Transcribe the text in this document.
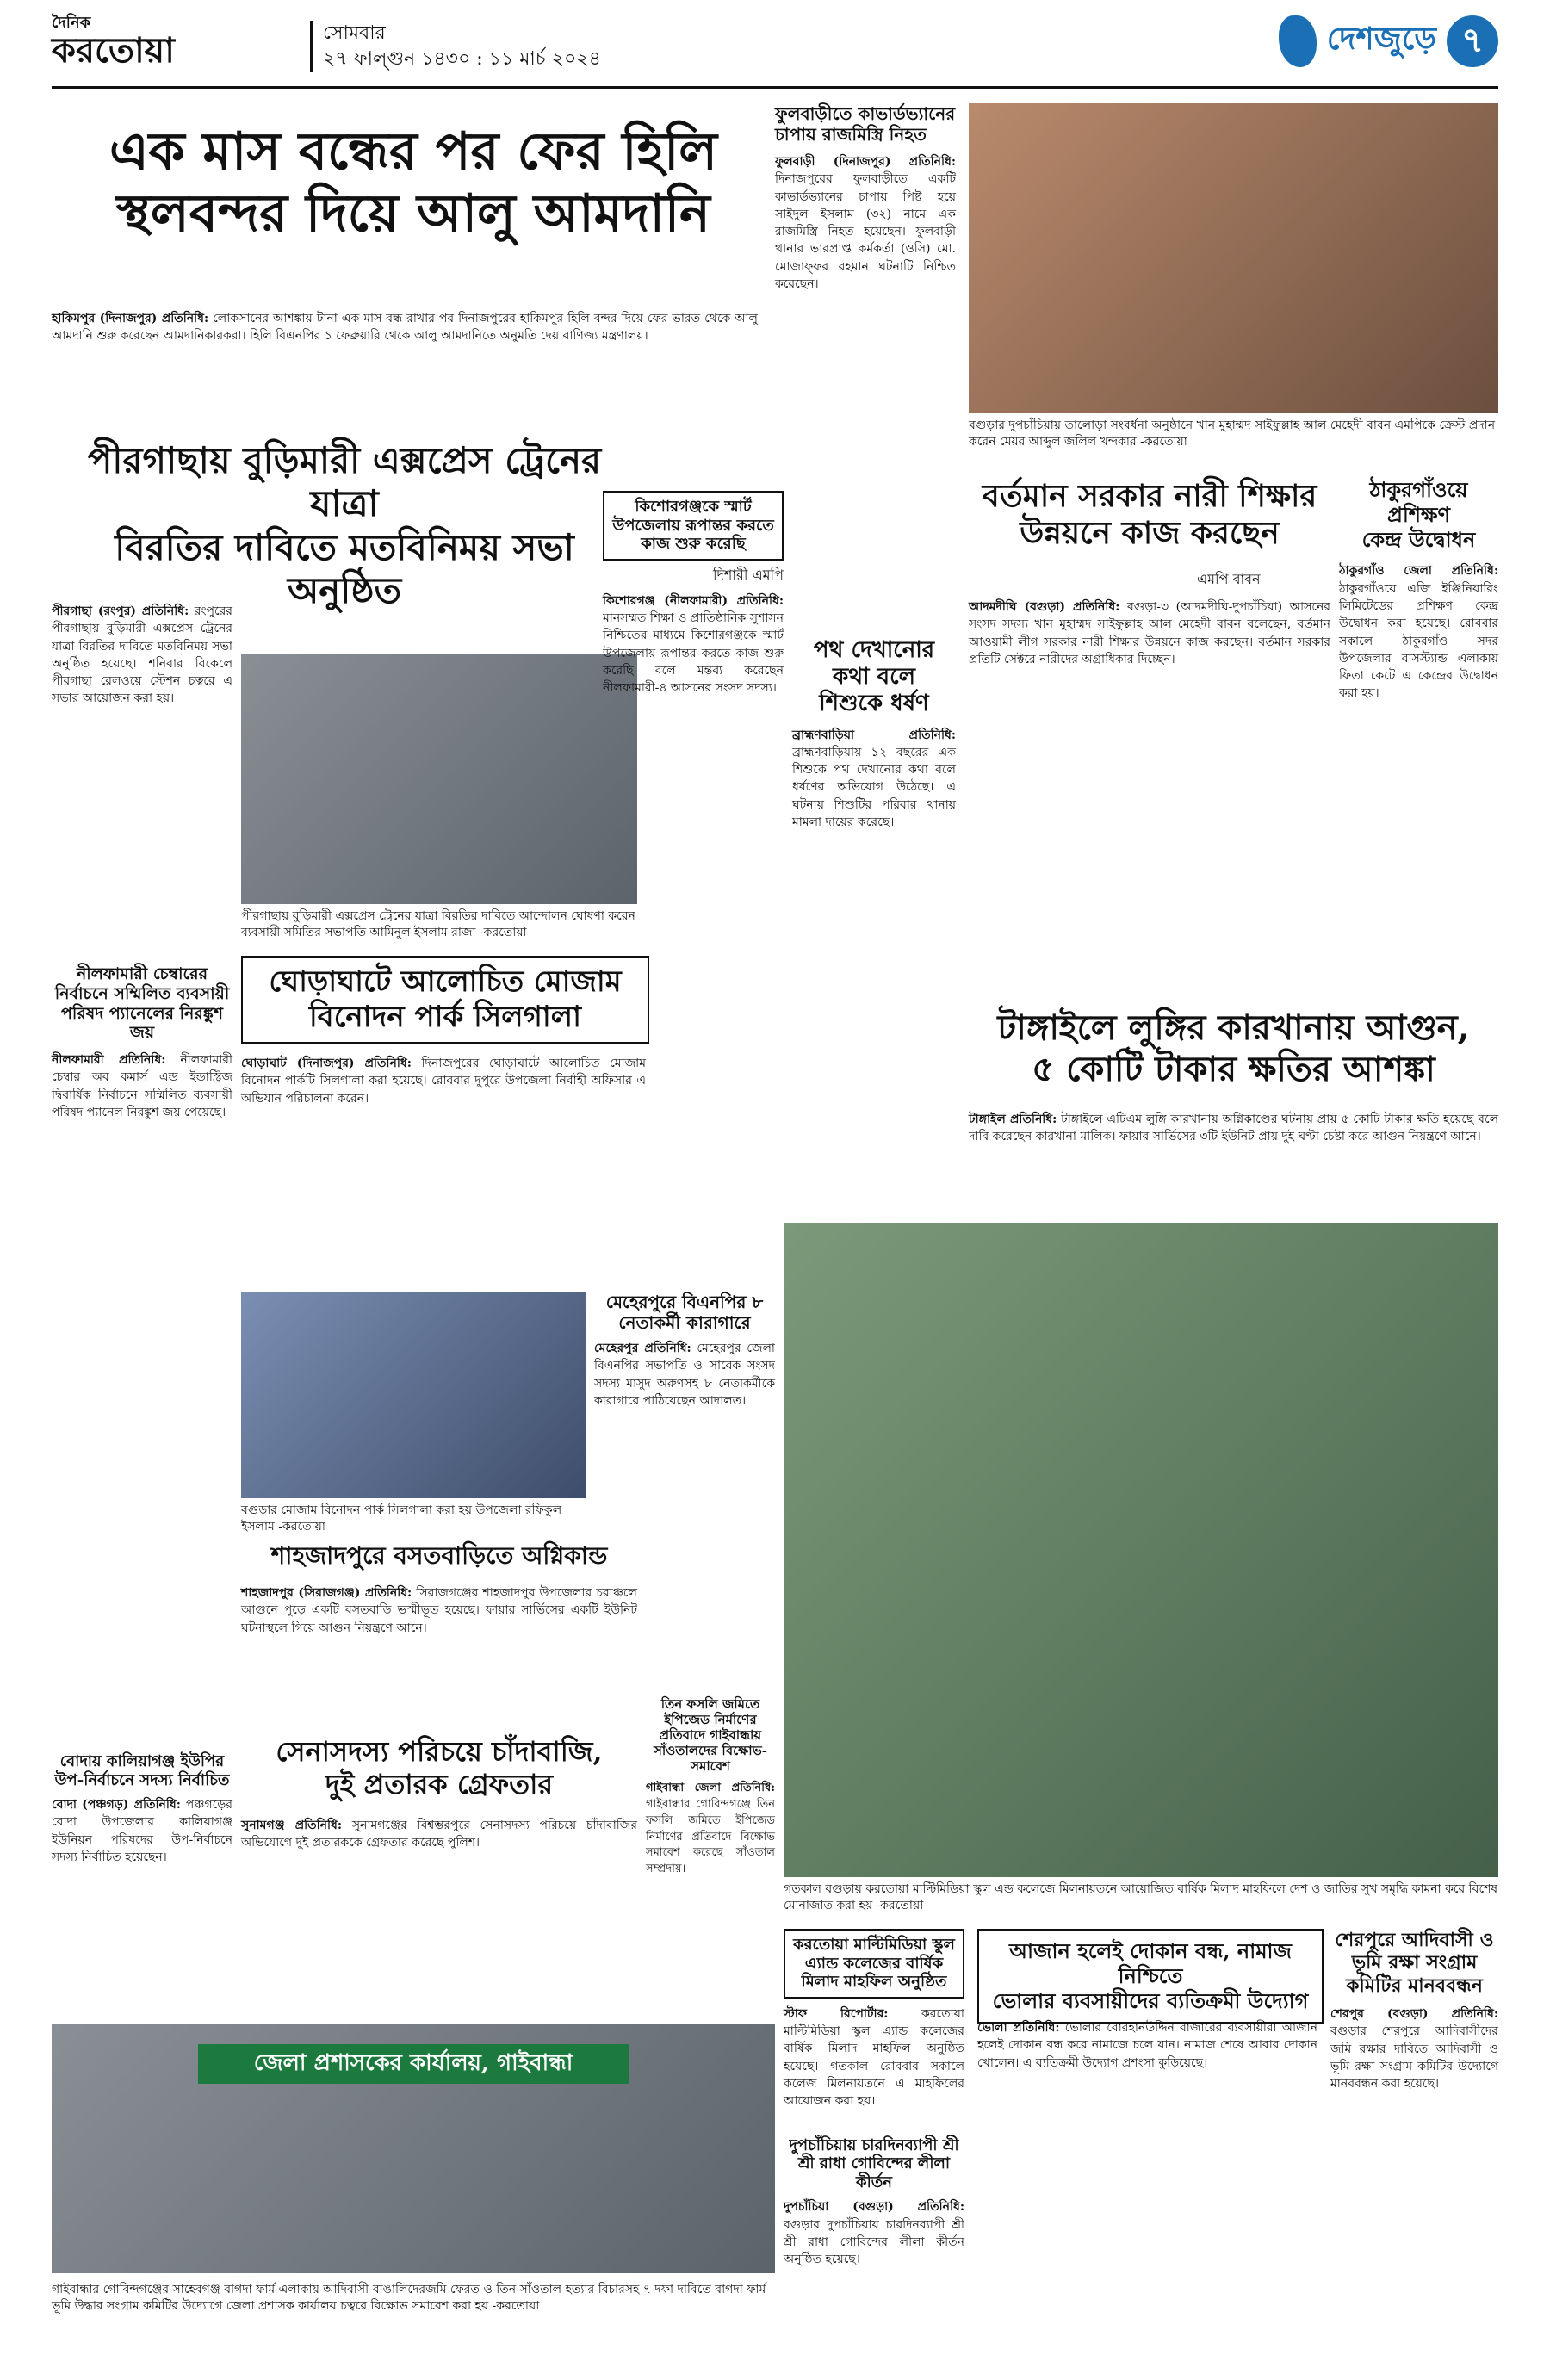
দৈনিক
করতোয়া	সোমবার
২৭ ফাল্গুন ১৪৩০ : ১১ মার্চ ২০২৪
দেশজুড়ে ৭
এক মাস বন্ধের পর ফের হিলি
স্থলবন্দর দিয়ে আলু আমদানি
হাকিমপুর (দিনাজপুর) প্রতিনিধি: লোকসানের আশঙ্কায় টানা এক মাস বন্ধ রাখার পর দিনাজপুরের হাকিমপুর হিলি বন্দর দিয়ে ফের ভারত থেকে আলু আমদানি শুরু করেছেন আমদানিকারকরা। হিলি বিএনপির ১ ফেব্রুয়ারি থেকে আলু আমদানিতে অনুমতি দেয় বাণিজ্য মন্ত্রণালয়।
ফুলবাড়ীতে কাভার্ডভ্যানের চাপায় রাজমিস্ত্রি নিহত
ফুলবাড়ী (দিনাজপুর) প্রতিনিধি: দিনাজপুরের ফুলবাড়ীতে একটি কাভার্ডভ্যানের চাপায় পিষ্ট হয়ে সাইদুল ইসলাম (৩২) নামে এক রাজমিস্ত্রি নিহত হয়েছেন। ফুলবাড়ী থানার ভারপ্রাপ্ত কর্মকর্তা (ওসি) মো. মোজাফ্ফর রহমান ঘটনাটি নিশ্চিত করেছেন।
বগুড়ার দুপচাঁচিয়ায় তালোড়া সংবর্ধনা অনুষ্ঠানে খান মুহাম্মদ সাইফুল্লাহ আল মেহেদী বাবন এমপিকে ক্রেস্ট প্রদান করেন মেয়র আব্দুল জলিল খন্দকার -করতোয়া
বর্তমান সরকার নারী শিক্ষার
উন্নয়নে কাজ করছেন
এমপি বাবন
আদমদীঘি (বগুড়া) প্রতিনিধি: বগুড়া-৩ (আদমদীঘি-দুপচাঁচিয়া) আসনের সংসদ সদস্য খান মুহাম্মদ সাইফুল্লাহ আল মেহেদী বাবন বলেছেন, বর্তমান আওয়ামী লীগ সরকার নারী শিক্ষার উন্নয়নে কাজ করছেন। বর্তমান সরকার প্রতিটি সেক্টরে নারীদের অগ্রাধিকার দিচ্ছেন।
ঠাকুরগাঁওয়ে প্রশিক্ষণ
কেন্দ্র উদ্বোধন
ঠাকুরগাঁও জেলা প্রতিনিধি: ঠাকুরগাঁওয়ে এজি ইঞ্জিনিয়ারিং লিমিটেডের প্রশিক্ষণ কেন্দ্র উদ্বোধন করা হয়েছে। রোববার সকালে ঠাকুরগাঁও সদর উপজেলার বাসস্ট্যান্ড এলাকায় ফিতা কেটে এ কেন্দ্রের উদ্বোধন করা হয়।
পীরগাছায় বুড়িমারী এক্সপ্রেস ট্রেনের যাত্রা
বিরতির দাবিতে মতবিনিময় সভা অনুষ্ঠিত
পীরগাছা (রংপুর) প্রতিনিধি: রংপুরের পীরগাছায় বুড়িমারী এক্সপ্রেস ট্রেনের যাত্রা বিরতির দাবিতে মতবিনিময় সভা অনুষ্ঠিত হয়েছে। শনিবার বিকেলে পীরগাছা রেলওয়ে স্টেশন চত্বরে এ সভার আয়োজন করা হয়।
পীরগাছায় বুড়িমারী এক্সপ্রেস ট্রেনের যাত্রা বিরতির দাবিতে আন্দোলন ঘোষণা করেন ব্যবসায়ী সমিতির সভাপতি আমিনুল ইসলাম রাজা -করতোয়া
কিশোরগঞ্জকে স্মার্ট উপজেলায় রূপান্তর করতে কাজ শুরু করেছি
দিশারী এমপি
কিশোরগঞ্জ (নীলফামারী) প্রতিনিধি: মানসম্মত শিক্ষা ও প্রাতিষ্ঠানিক সুশাসন নিশ্চিতের মাধ্যমে কিশোরগঞ্জকে স্মার্ট উপজেলায় রূপান্তর করতে কাজ শুরু করেছি বলে মন্তব্য করেছেন নীলফামারী-৪ আসনের সংসদ সদস্য।
পথ দেখানোর
কথা বলে
শিশুকে ধর্ষণ
ব্রাহ্মণবাড়িয়া প্রতিনিধি: ব্রাহ্মণবাড়িয়ায় ১২ বছরের এক শিশুকে পথ দেখানোর কথা বলে ধর্ষণের অভিযোগ উঠেছে। এ ঘটনায় শিশুটির পরিবার থানায় মামলা দায়ের করেছে।
টাঙ্গাইলে লুঙ্গির কারখানায় আগুন,
৫ কোটি টাকার ক্ষতির আশঙ্কা
টাঙ্গাইল প্রতিনিধি: টাঙ্গাইলে এটিএম লুঙ্গি কারখানায় অগ্নিকাণ্ডের ঘটনায় প্রায় ৫ কোটি টাকার ক্ষতি হয়েছে বলে দাবি করেছেন কারখানা মালিক। ফায়ার সার্ভিসের ৩টি ইউনিট প্রায় দুই ঘণ্টা চেষ্টা করে আগুন নিয়ন্ত্রণে আনে।
নীলফামারী চেম্বারের নির্বাচনে সম্মিলিত ব্যবসায়ী পরিষদ প্যানেলের নিরঙ্কুশ জয়
নীলফামারী প্রতিনিধি: নীলফামারী চেম্বার অব কমার্স এন্ড ইন্ডাস্ট্রিজ দ্বিবার্ষিক নির্বাচনে সম্মিলিত ব্যবসায়ী পরিষদ প্যানেল নিরঙ্কুশ জয় পেয়েছে।
ঘোড়াঘাটে আলোচিত মোজাম
বিনোদন পার্ক সিলগালা
ঘোড়াঘাট (দিনাজপুর) প্রতিনিধি: দিনাজপুরের ঘোড়াঘাটে আলোচিত মোজাম বিনোদন পার্কটি সিলগালা করা হয়েছে। রোববার দুপুরে উপজেলা নির্বাহী অফিসার এ অভিযান পরিচালনা করেন।
বগুড়ার মোজাম বিনোদন পার্ক সিলগালা করা হয় উপজেলা রফিকুল ইসলাম -করতোয়া
মেহেরপুরে বিএনপির ৮ নেতাকর্মী কারাগারে
মেহেরপুর প্রতিনিধি: মেহেরপুর জেলা বিএনপির সভাপতি ও সাবেক সংসদ সদস্য মাসুদ অরুণসহ ৮ নেতাকর্মীকে কারাগারে পাঠিয়েছেন আদালত।
গতকাল বগুড়ায় করতোয়া মাল্টিমিডিয়া স্কুল এন্ড কলেজে মিলনায়তনে আয়োজিত বার্ষিক মিলাদ মাহফিলে দেশ ও জাতির সুখ সমৃদ্ধি কামনা করে বিশেষ মোনাজাত করা হয় -করতোয়া
শাহজাদপুরে বসতবাড়িতে অগ্নিকান্ড
শাহজাদপুর (সিরাজগঞ্জ) প্রতিনিধি: সিরাজগঞ্জের শাহজাদপুর উপজেলার চরাঞ্চলে আগুনে পুড়ে একটি বসতবাড়ি ভস্মীভূত হয়েছে। ফায়ার সার্ভিসের একটি ইউনিট ঘটনাস্থলে গিয়ে আগুন নিয়ন্ত্রণে আনে।
তিন ফসলি জমিতে ইপিজেড নির্মাণের প্রতিবাদে গাইবান্ধায় সাঁওতালদের বিক্ষোভ-সমাবেশ
গাইবান্ধা জেলা প্রতিনিধি: গাইবান্ধার গোবিন্দগঞ্জে তিন ফসলি জমিতে ইপিজেড নির্মাণের প্রতিবাদে বিক্ষোভ সমাবেশ করেছে সাঁওতাল সম্প্রদায়।
বোদায় কালিয়াগঞ্জ ইউপির উপ-নির্বাচনে সদস্য নির্বাচিত
বোদা (পঞ্চগড়) প্রতিনিধি: পঞ্চগড়ের বোদা উপজেলার কালিয়াগঞ্জ ইউনিয়ন পরিষদের উপ-নির্বাচনে সদস্য নির্বাচিত হয়েছেন।
সেনাসদস্য পরিচয়ে চাঁদাবাজি,
দুই প্রতারক গ্রেফতার
সুনামগঞ্জ প্রতিনিধি: সুনামগঞ্জের বিশ্বম্ভরপুরে সেনাসদস্য পরিচয়ে চাঁদাবাজির অভিযোগে দুই প্রতারককে গ্রেফতার করেছে পুলিশ।
করতোয়া মাল্টিমিডিয়া স্কুল এ্যান্ড কলেজের বার্ষিক মিলাদ মাহফিল অনুষ্ঠিত
স্টাফ রিপোর্টার:	করতোয়া মাল্টিমিডিয়া স্কুল এ্যান্ড কলেজের বার্ষিক মিলাদ মাহফিল অনুষ্ঠিত হয়েছে। গতকাল রোববার সকালে কলেজ মিলনায়তনে এ মাহফিলের আয়োজন করা হয়।
দুপচাঁচিয়ায় চারদিনব্যাপী শ্রী শ্রী রাধা গোবিন্দের লীলা কীর্তন
দুপচাঁচিয়া (বগুড়া) প্রতিনিধি: বগুড়ার দুপচাঁচিয়ায় চারদিনব্যাপী শ্রী শ্রী রাধা গোবিন্দের লীলা কীর্তন অনুষ্ঠিত হয়েছে।
আজান হলেই দোকান বন্ধ, নামাজ নিশ্চিতে
ভোলার ব্যবসায়ীদের ব্যতিক্রমী উদ্যোগ
ভোলা প্রতিনিধি: ভোলার বোরহানউদ্দিন বাজারের ব্যবসায়ীরা আজান হলেই দোকান বন্ধ করে নামাজে চলে যান। নামাজ শেষে আবার দোকান খোলেন। এ ব্যতিক্রমী উদ্যোগ প্রশংসা কুড়িয়েছে।
শেরপুরে আদিবাসী ও
ভূমি রক্ষা সংগ্রাম
কমিটির মানববন্ধন
শেরপুর (বগুড়া) প্রতিনিধি: বগুড়ার শেরপুরে আদিবাসীদের জমি রক্ষার দাবিতে আদিবাসী ও ভূমি রক্ষা সংগ্রাম কমিটির উদ্যোগে মানববন্ধন করা হয়েছে।
জেলা প্রশাসকের কার্যালয়, গাইবান্ধা
গাইবান্ধার গোবিন্দগঞ্জের সাহেবগঞ্জ বাগদা ফার্ম এলাকায় আদিবাসী-বাঙালিদেরজমি ফেরত ও তিন সাঁওতাল হত্যার বিচারসহ ৭ দফা দাবিতে বাগদা ফার্ম ভূমি উদ্ধার সংগ্রাম কমিটির উদ্যোগে জেলা প্রশাসক কার্যালয় চত্বরে বিক্ষোভ সমাবেশ করা হয় -করতোয়া
